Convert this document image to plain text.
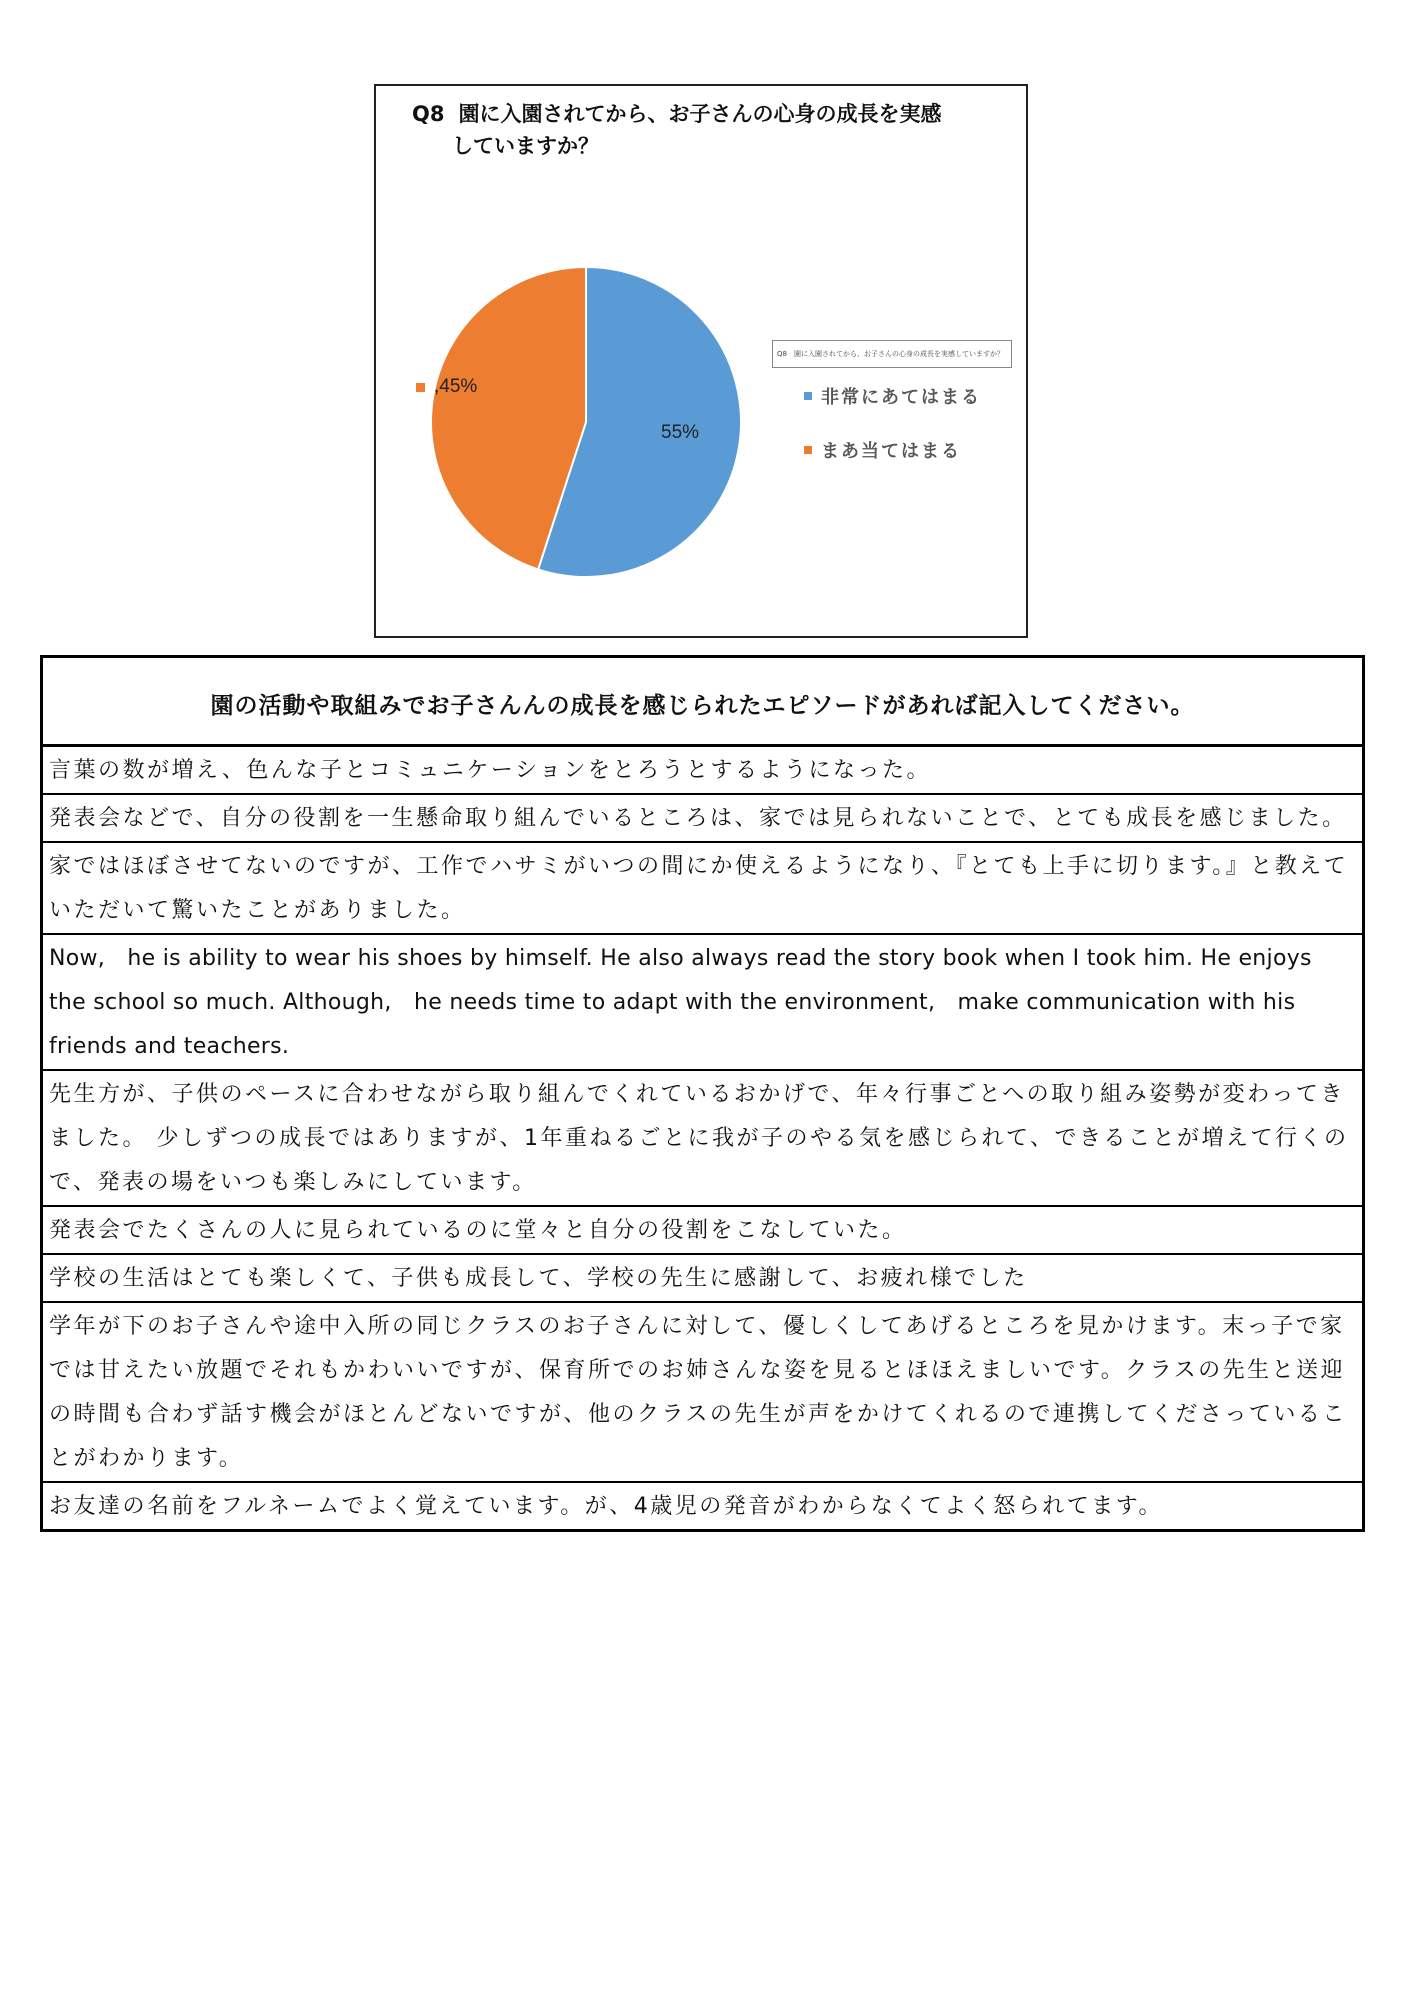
Q8 園に入園されてから、お子さんの心身の成長を実感
していますか？
55%
,45%
Q8　園に入園されてから、お子さんの心身の成長を実感していますか？
非常にあてはまる
まあ当てはまる
園の活動や取組みでお子さんんの成長を感じられたエピソードがあれば記入してください。
言葉の数が増え、色んな子とコミュニケーションをとろうとするようになった。
発表会などで、自分の役割を一生懸命取り組んでいるところは、家では見られないことで、とても成長を感じました。
家ではほぼさせてないのですが、工作でハサミがいつの間にか使えるようになり、『とても上手に切ります。』と教えていただいて驚いたことがありました。
Now,　he is ability to wear his shoes by himself. He also always read the story book when I took him. He enjoys the school so much. Although,　he needs time to adapt with the environment,　make communication with his friends and teachers.
先生方が、子供のペースに合わせながら取り組んでくれているおかげで、年々行事ごとへの取り組み姿勢が変わってきました。 少しずつの成長ではありますが、1年重ねるごとに我が子のやる気を感じられて、できることが増えて行くので、発表の場をいつも楽しみにしています。
発表会でたくさんの人に見られているのに堂々と自分の役割をこなしていた。
学校の生活はとても楽しくて、子供も成長して、学校の先生に感謝して、お疲れ様でした
学年が下のお子さんや途中入所の同じクラスのお子さんに対して、優しくしてあげるところを見かけます。末っ子で家では甘えたい放題でそれもかわいいですが、保育所でのお姉さんな姿を見るとほほえましいです。クラスの先生と送迎の時間も合わず話す機会がほとんどないですが、他のクラスの先生が声をかけてくれるので連携してくださっていることがわかります。
お友達の名前をフルネームでよく覚えています。が、4歳児の発音がわからなくてよく怒られてます。
